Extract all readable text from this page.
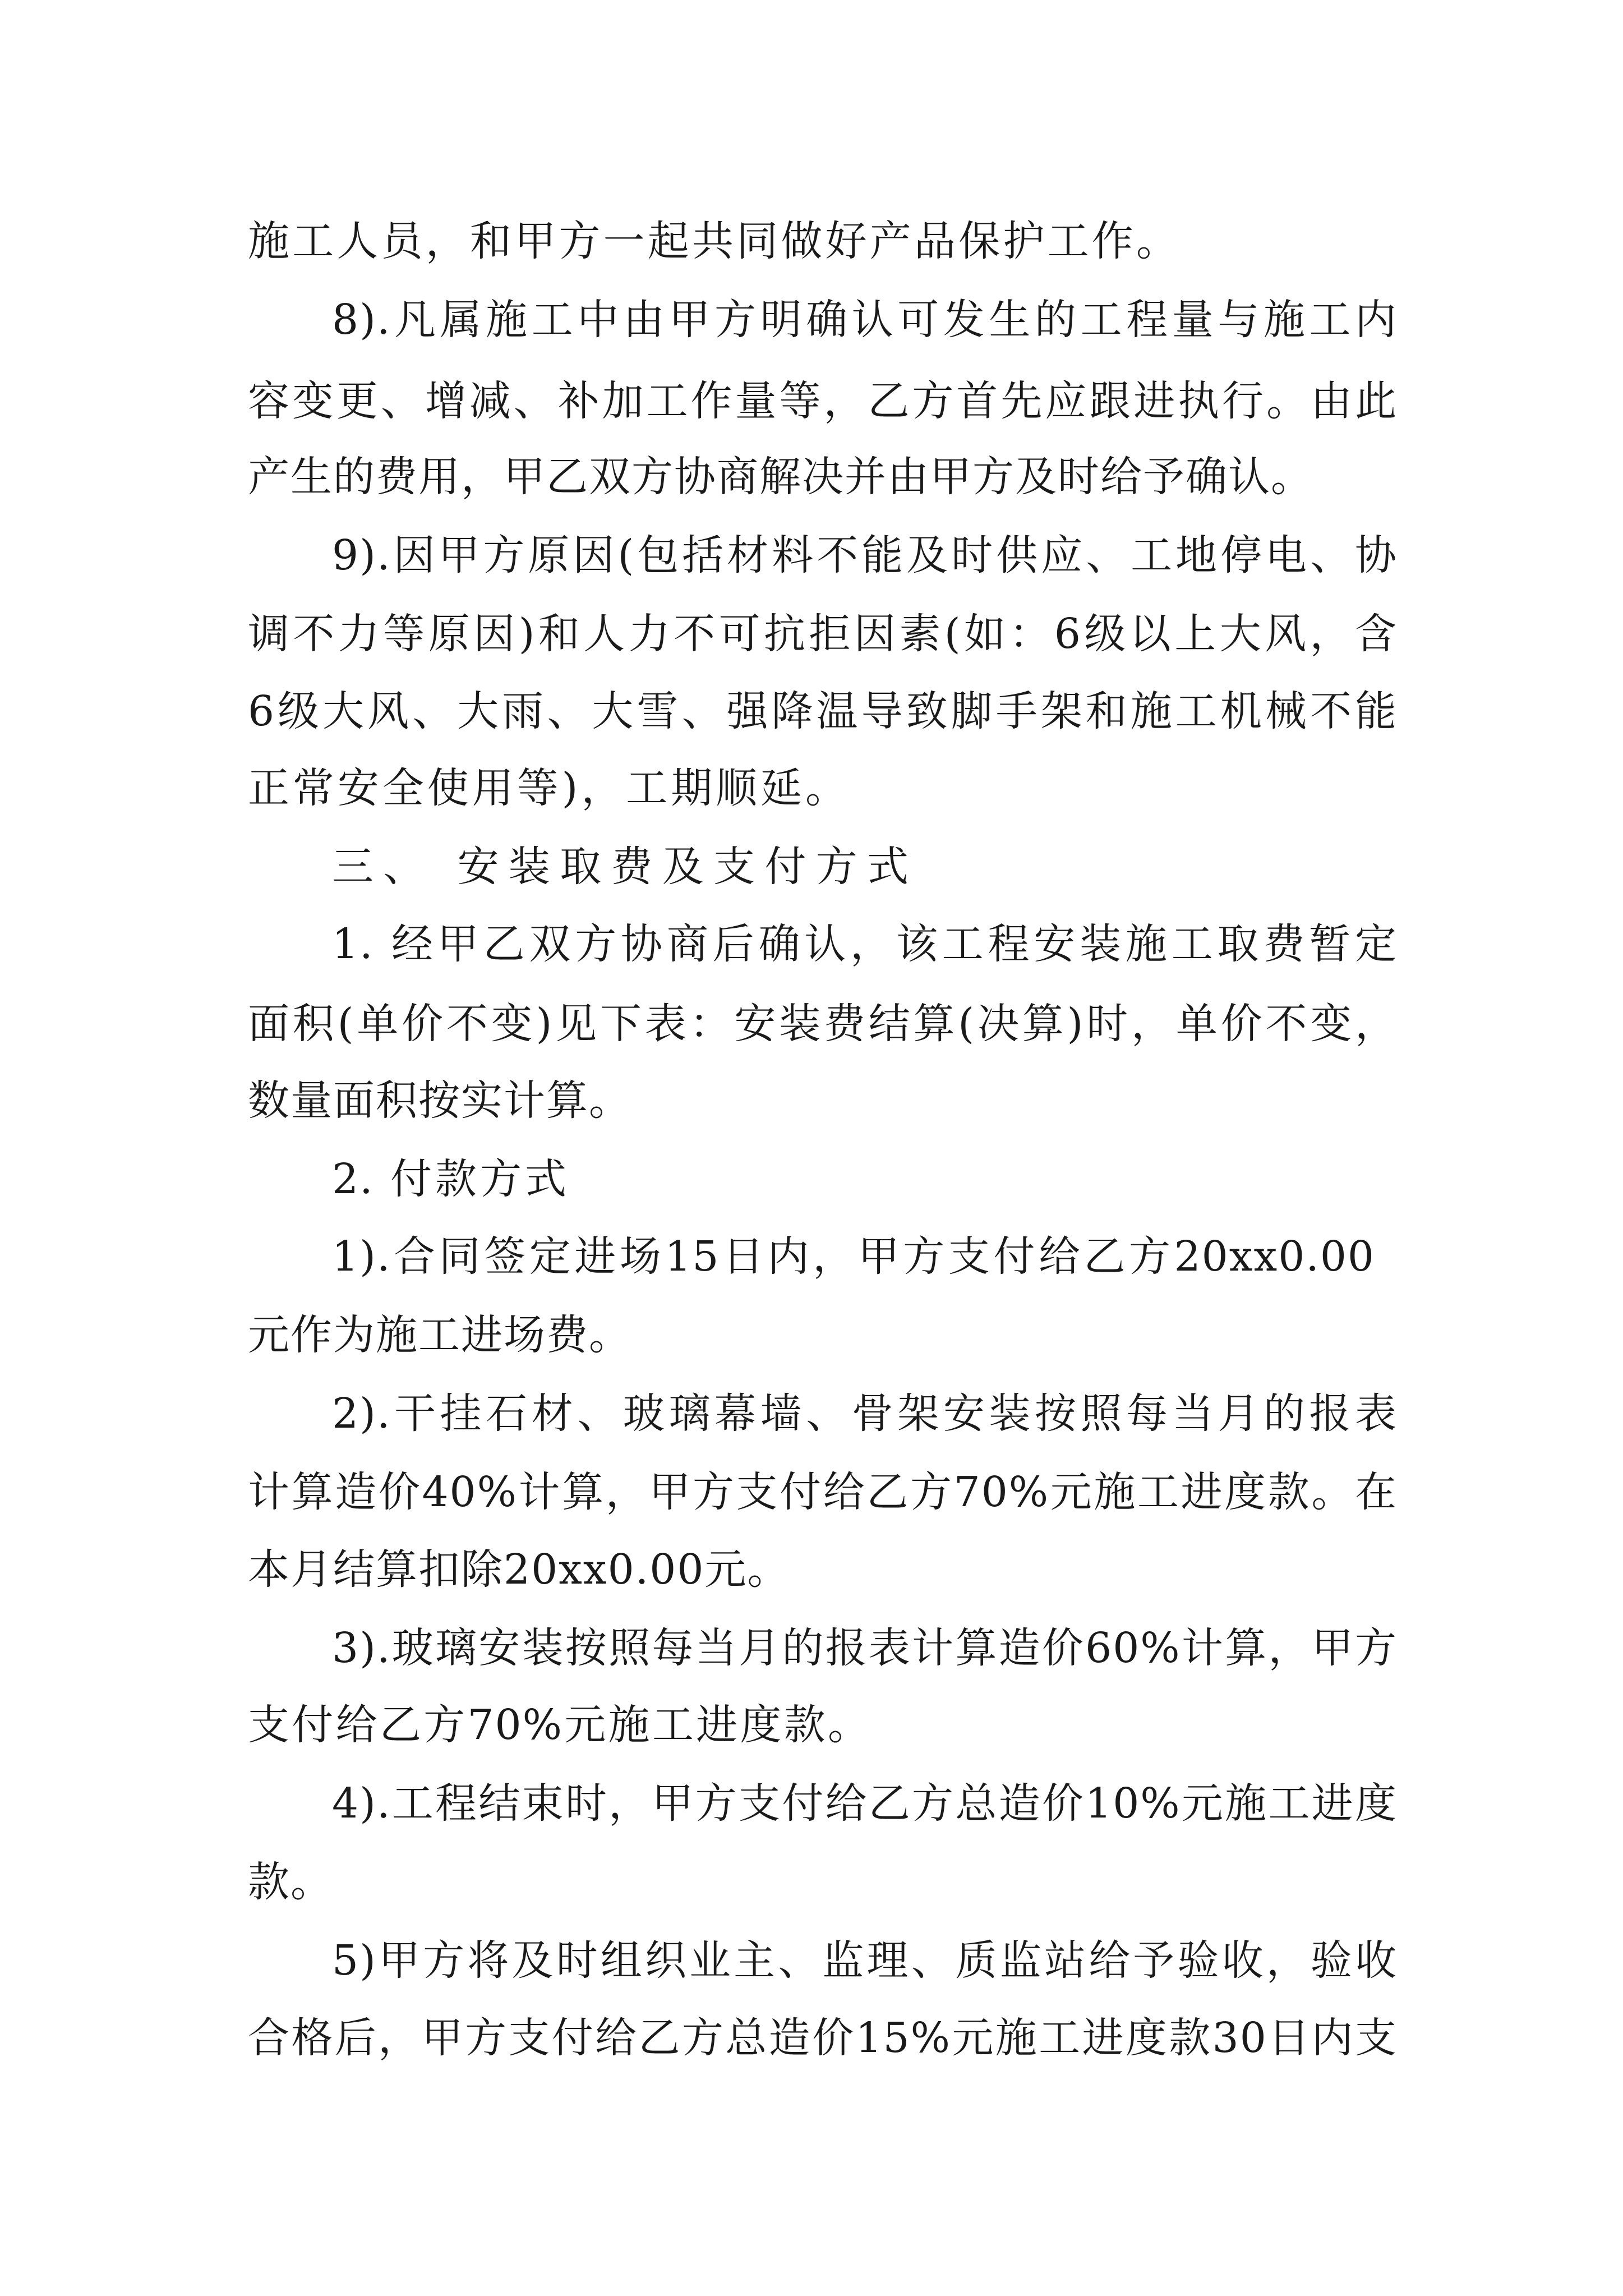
施工人员，和甲方一起共同做好产品保护工作。
8).凡属施工中由甲方明确认可发生的工程量与施工内
容变更、增减、补加工作量等，乙方首先应跟进执行。由此
产生的费用，甲乙双方协商解决并由甲方及时给予确认。
9).因甲方原因(包括材料不能及时供应、工地停电、协
调不力等原因)和人力不可抗拒因素(如：6级以上大风，含
6级大风、大雨、大雪、强降温导致脚手架和施工机械不能
正常安全使用等)，工期顺延。
三、 安装取费及支付方式
1. 经甲乙双方协商后确认，该工程安装施工取费暂定
面积(单价不变)见下表：安装费结算(决算)时，单价不变，
数量面积按实计算。
2. 付款方式
1).合同签定进场15日内，甲方支付给乙方20xx0.00
元作为施工进场费。
2).干挂石材、玻璃幕墙、骨架安装按照每当月的报表
计算造价40%计算，甲方支付给乙方70%元施工进度款。在
本月结算扣除20xx0.00元。
3).玻璃安装按照每当月的报表计算造价60%计算，甲方
支付给乙方70%元施工进度款。
4).工程结束时，甲方支付给乙方总造价10%元施工进度
款。
5)甲方将及时组织业主、监理、质监站给予验收，验收
合格后，甲方支付给乙方总造价15%元施工进度款30日内支
